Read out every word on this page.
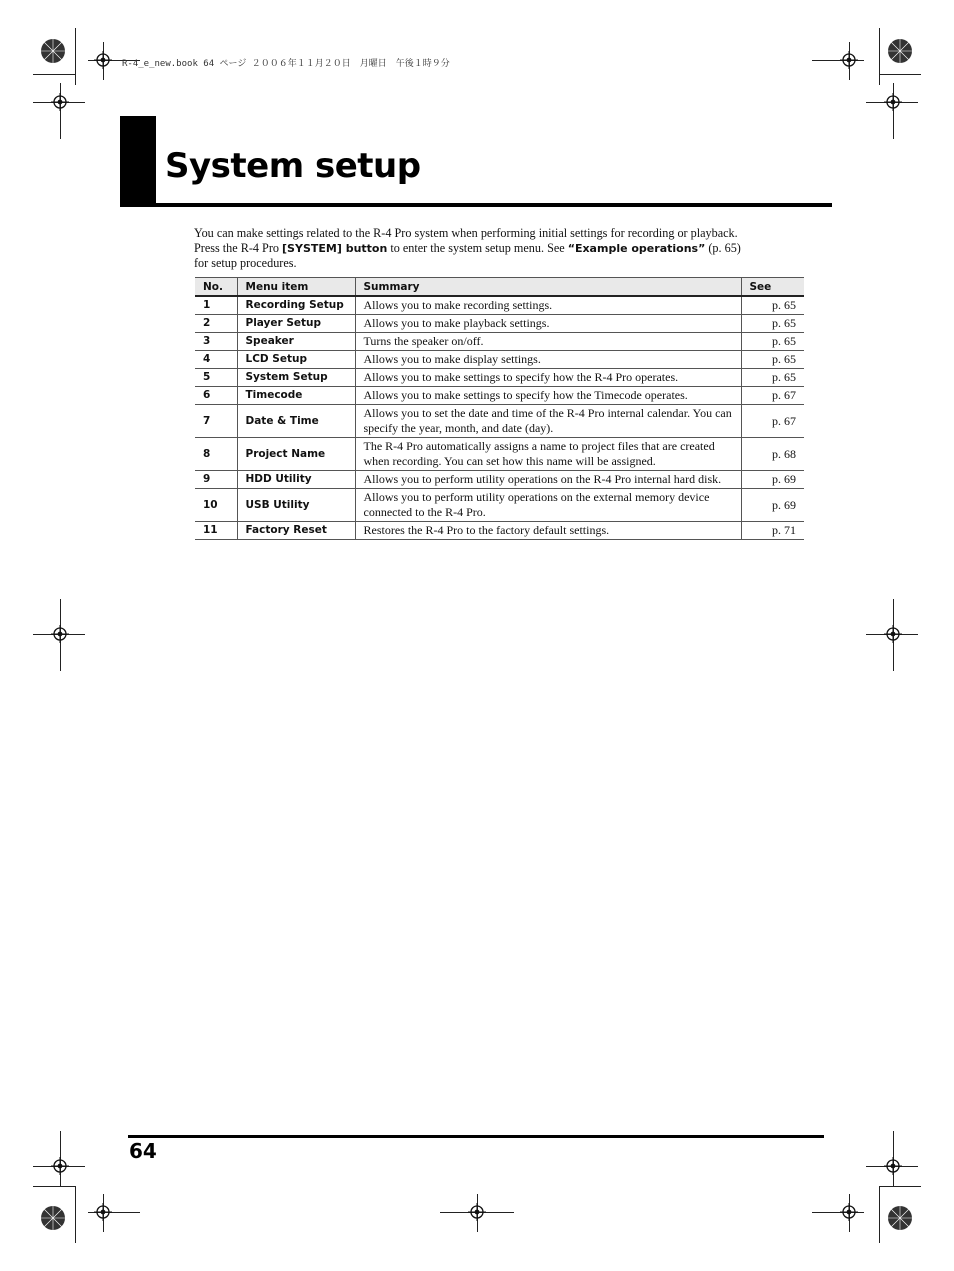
R-4_e_new.book 64 ページ ２００６年１１月２０日　月曜日　午後１時９分
System setup

You can make settings related to the R-4 Pro system when performing initial settings for recording or playback. Press the R-4 Pro [SYSTEM] button to enter the system setup menu. See “Example operations” (p. 65) for setup procedures.

No.	Menu item	Summary	See
1	Recording Setup	Allows you to make recording settings.	p. 65
2	Player Setup	Allows you to make playback settings.	p. 65
3	Speaker	Turns the speaker on/off.	p. 65
4	LCD Setup	Allows you to make display settings.	p. 65
5	System Setup	Allows you to make settings to specify how the R-4 Pro operates.	p. 65
6	Timecode	Allows you to make settings to specify how the Timecode operates.	p. 67
7	Date & Time	Allows you to set the date and time of the R-4 Pro internal calendar. You can specify the year, month, and date (day).	p. 67
8	Project Name	The R-4 Pro automatically assigns a name to project files that are created when recording. You can set how this name will be assigned.	p. 68
9	HDD Utility	Allows you to perform utility operations on the R-4 Pro internal hard disk.	p. 69
10	USB Utility	Allows you to perform utility operations on the external memory device connected to the R-4 Pro.	p. 69
11	Factory Reset	Restores the R-4 Pro to the factory default settings.	p. 71
64
